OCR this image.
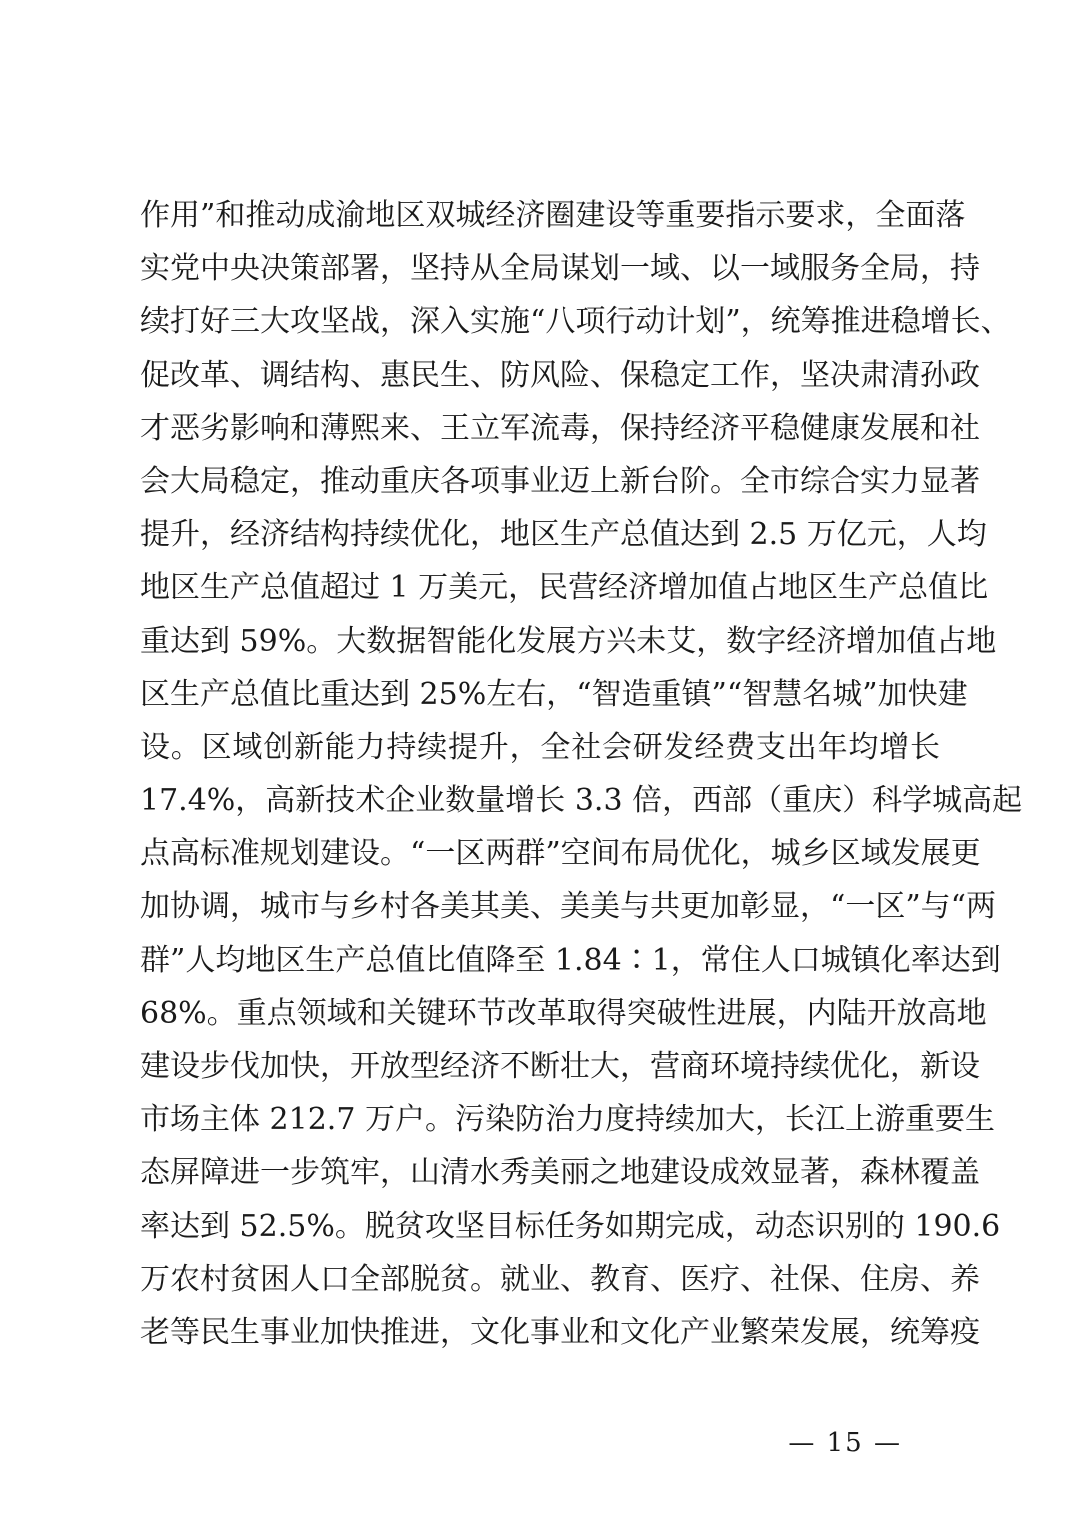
作用”和推动成渝地区双城经济圈建设等重要指示要求，全面落
实党中央决策部署，坚持从全局谋划一域、以一域服务全局，持
续打好三大攻坚战，深入实施“八项行动计划”，统筹推进稳增长、
促改革、调结构、惠民生、防风险、保稳定工作，坚决肃清孙政
才恶劣影响和薄熙来、王立军流毒，保持经济平稳健康发展和社
会大局稳定，推动重庆各项事业迈上新台阶。全市综合实力显著
提升，经济结构持续优化，地区生产总值达到 2.5 万亿元，人均
地区生产总值超过 1 万美元，民营经济增加值占地区生产总值比
重达到 59%。大数据智能化发展方兴未艾，数字经济增加值占地
区生产总值比重达到 25%左右，“智造重镇”“智慧名城”加快建
设。区域创新能力持续提升，全社会研发经费支出年均增长
17.4%，高新技术企业数量增长 3.3 倍，西部（重庆）科学城高起
点高标准规划建设。“一区两群”空间布局优化，城乡区域发展更
加协调，城市与乡村各美其美、美美与共更加彰显，“一区”与“两
群”人均地区生产总值比值降至 1.84∶1，常住人口城镇化率达到
68%。重点领域和关键环节改革取得突破性进展，内陆开放高地
建设步伐加快，开放型经济不断壮大，营商环境持续优化，新设
市场主体 212.7 万户。污染防治力度持续加大，长江上游重要生
态屏障进一步筑牢，山清水秀美丽之地建设成效显著，森林覆盖
率达到 52.5%。脱贫攻坚目标任务如期完成，动态识别的 190.6
万农村贫困人口全部脱贫。就业、教育、医疗、社保、住房、养
老等民生事业加快推进，文化事业和文化产业繁荣发展，统筹疫
— 15 —
